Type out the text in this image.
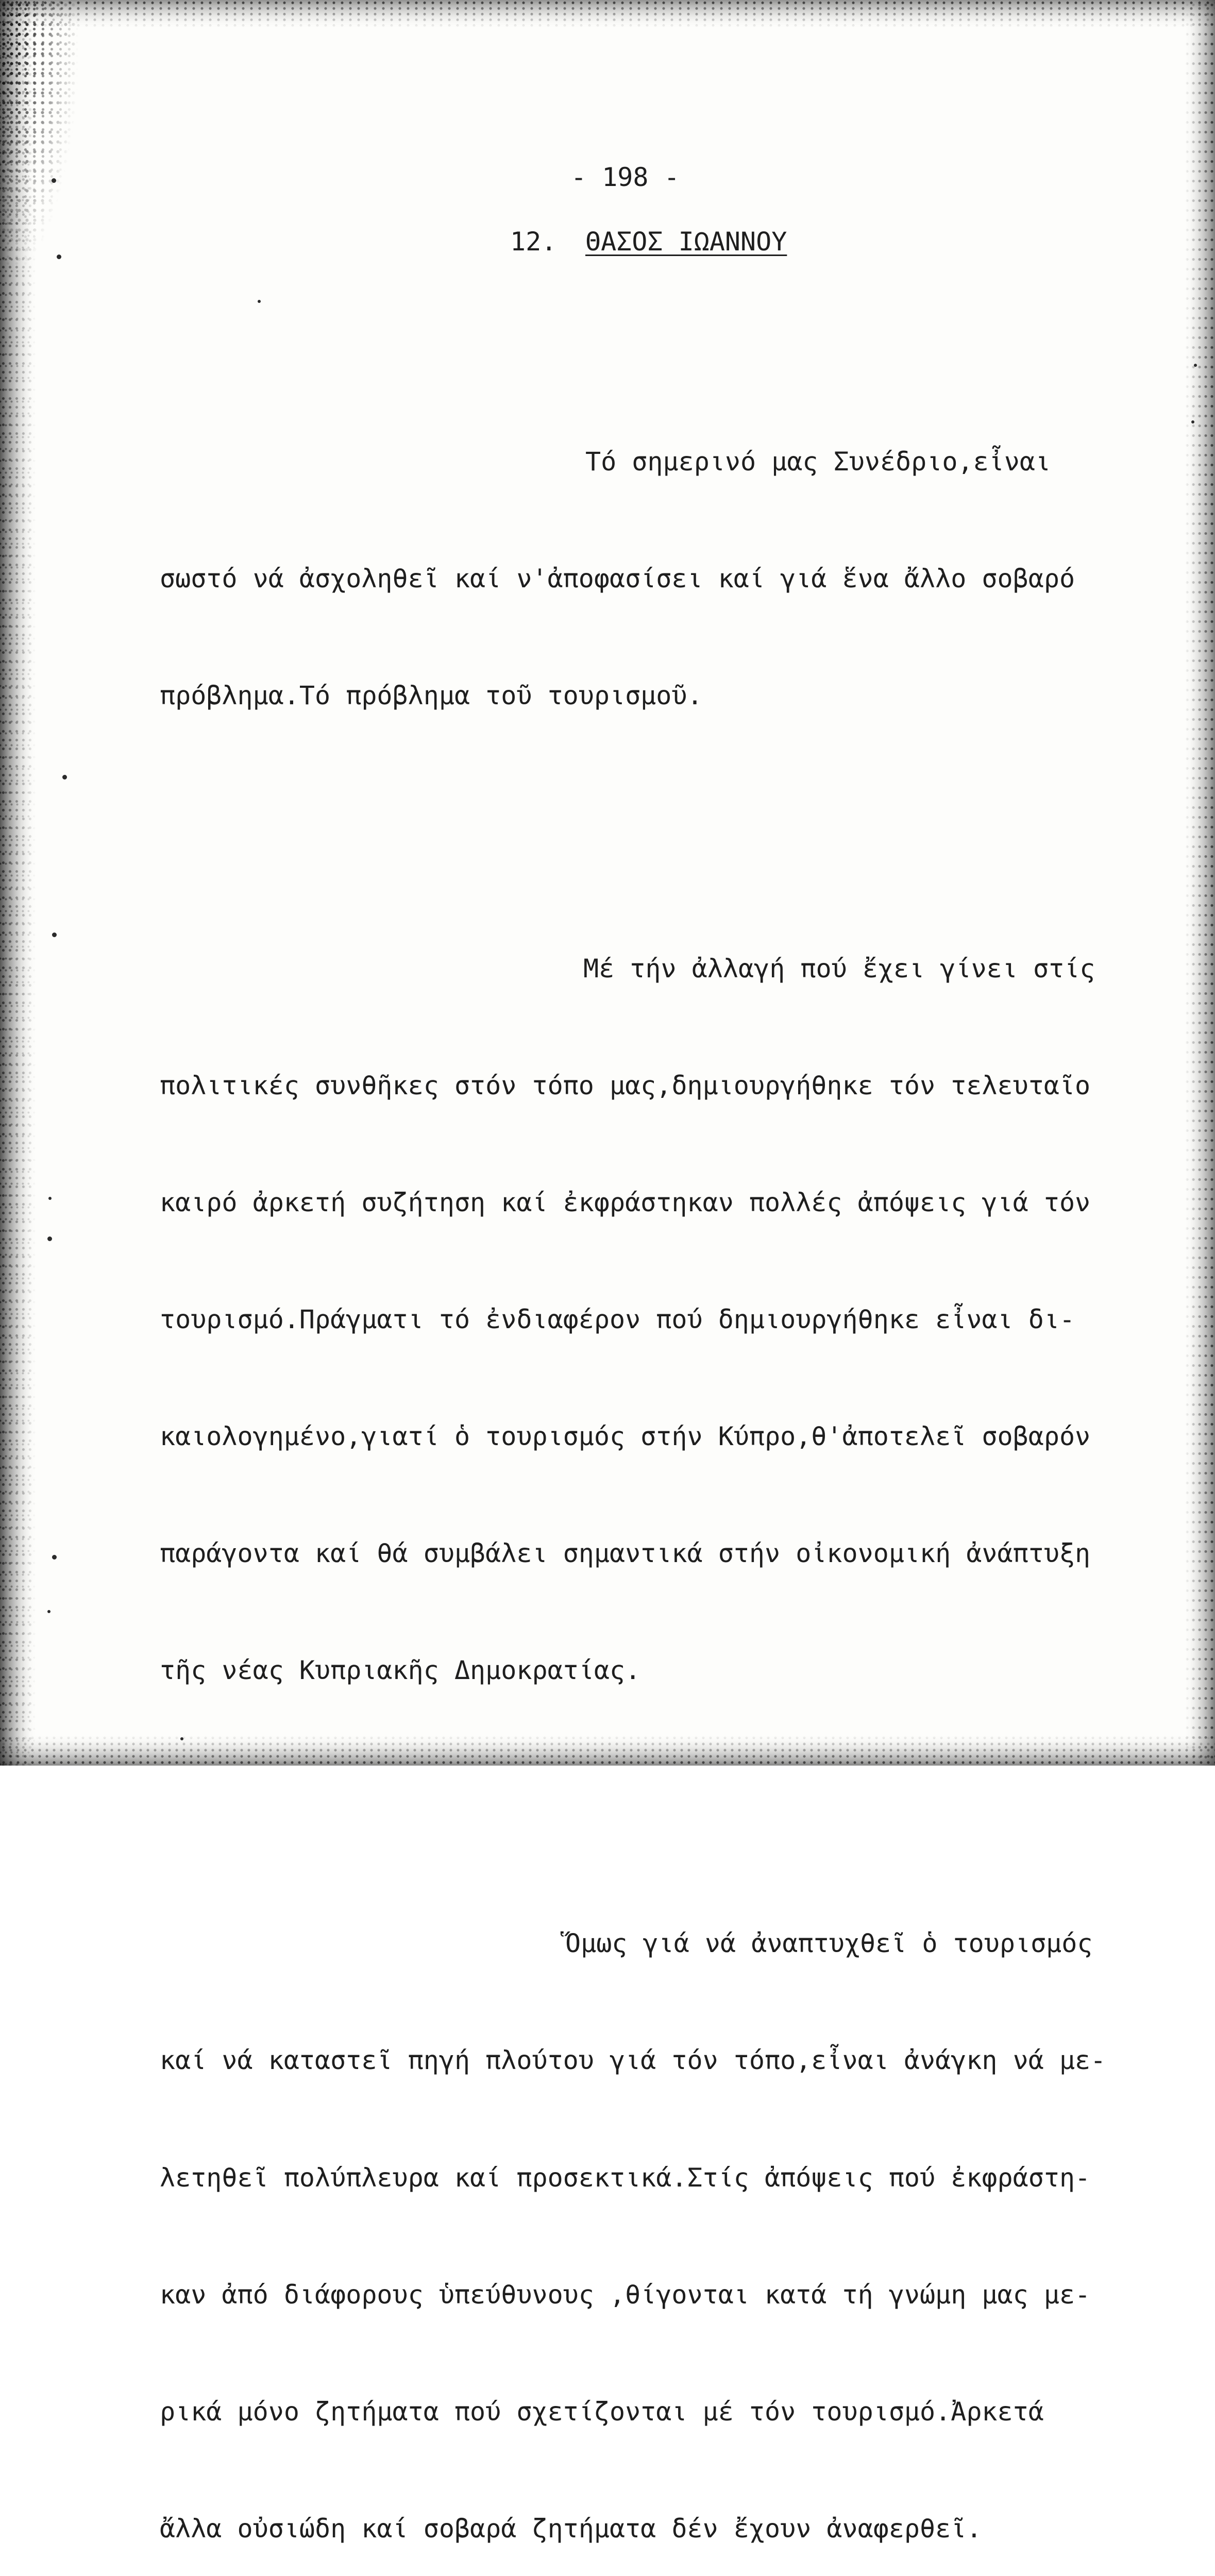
- 198 -
12. ΘΑΣΟΣ ΙΩΑΝΝΟΥ

Τό σημερινό μας Συνέδριο,εἶναι

σωστό νά ἀσχοληθεῖ καί ν'ἀποφασίσει καί γιά ἕνα ἄλλο σοβαρό

πρόβλημα.Τό πρόβλημα τοῦ τουρισμοῦ.

Μέ τήν ἀλλαγή πού ἔχει γίνει στίς

πολιτικές συνθῆκες στόν τόπο μας,δημιουργήθηκε τόν τελευταῖο

καιρό ἀρκετή συζήτηση καί ἐκφράστηκαν πολλές ἀπόψεις γιά τόν

τουρισμό.Πράγματι τό ἐνδιαφέρον πού δημιουργήθηκε εἶναι δι-

καιολογημένο,γιατί ὁ τουρισμός στήν Κύπρο,θ'ἀποτελεῖ σοβαρόν

παράγοντα καί θά συμβάλει σημαντικά στήν οἰκονομική ἀνάπτυξη

τῆς νέας Κυπριακῆς Δημοκρατίας.

Ὅμως γιά νά ἀναπτυχθεῖ ὁ τουρισμός

καί νά καταστεῖ πηγή πλούτου γιά τόν τόπο,εἶναι ἀνάγκη νά με-

λετηθεῖ πολύπλευρα καί προσεκτικά.Στίς ἀπόψεις πού ἐκφράστη-

καν ἀπό διάφορους ὑπεύθυνους ,θίγονται κατά τή γνώμη μας με-

ρικά μόνο ζητήματα πού σχετίζονται μέ τόν τουρισμό.Ἀρκετά

ἄλλα οὐσιώδη καί σοβαρά ζητήματα δέν ἔχουν ἀναφερθεῖ.
